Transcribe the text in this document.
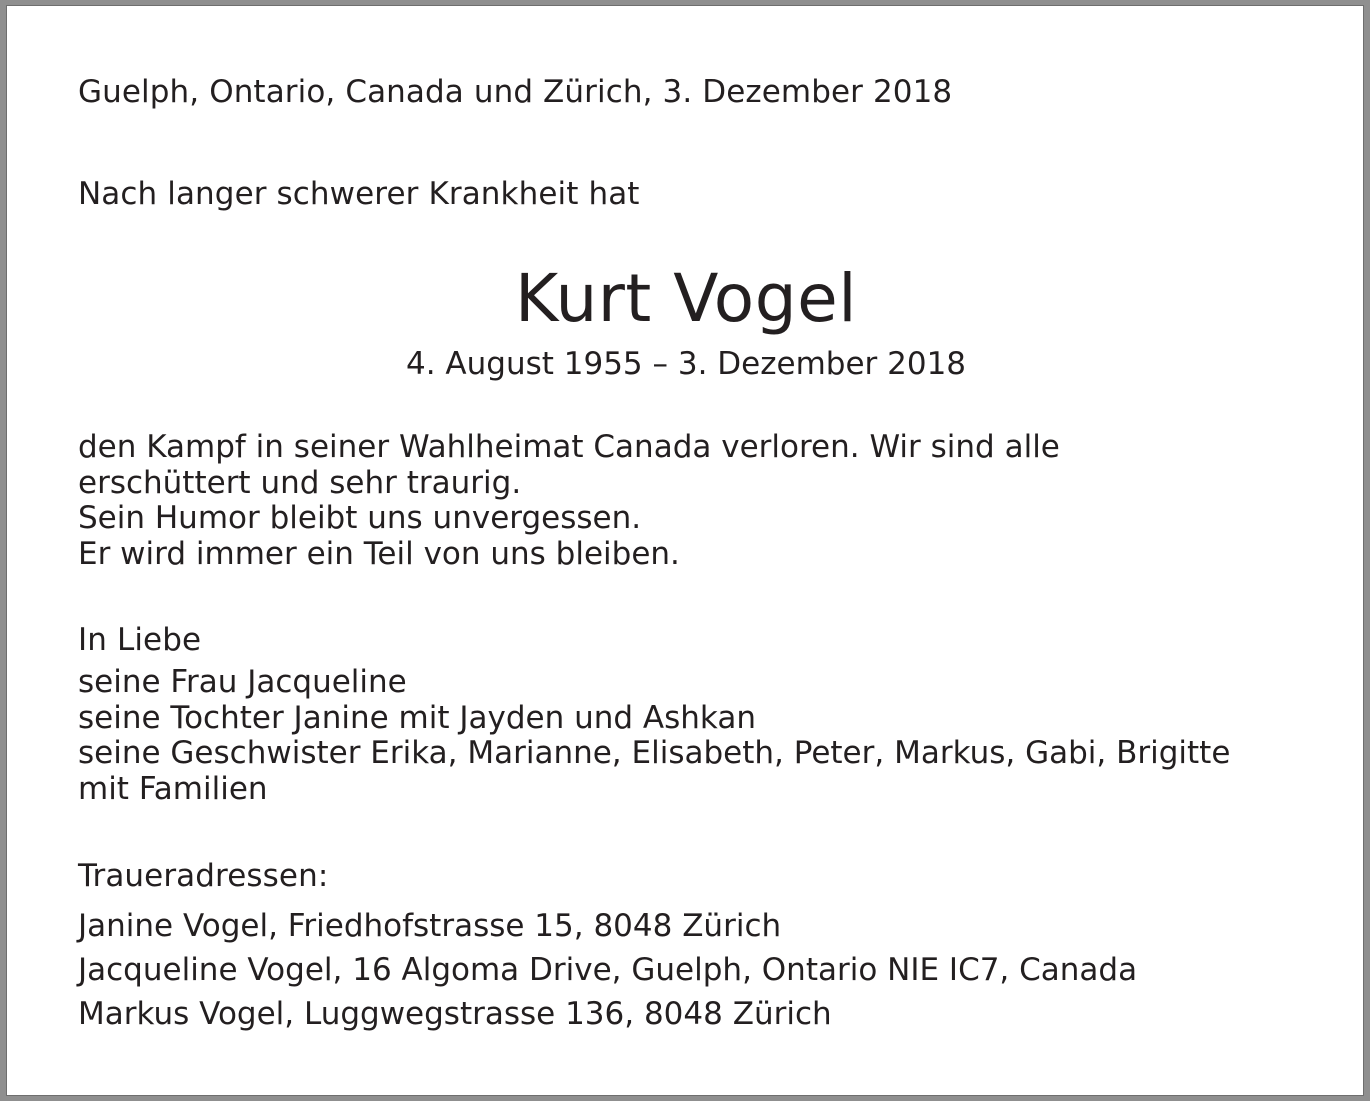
Guelph, Ontario, Canada und Zürich, 3. Dezember 2018

Nach langer schwerer Krankheit hat

Kurt Vogel

4. August 1955 – 3. Dezember 2018

den Kampf in seiner Wahlheimat Canada verloren. Wir sind alle
erschüttert und sehr traurig.
Sein Humor bleibt uns unvergessen.
Er wird immer ein Teil von uns bleiben.

In Liebe

seine Frau Jacqueline
seine Tochter Janine mit Jayden und Ashkan
seine Geschwister Erika, Marianne, Elisabeth, Peter, Markus, Gabi, Brigitte
mit Familien

Traueradressen:

Janine Vogel, Friedhofstrasse 15, 8048 Zürich
Jacqueline Vogel, 16 Algoma Drive, Guelph, Ontario NIE IC7, Canada
Markus Vogel, Luggwegstrasse 136, 8048 Zürich
